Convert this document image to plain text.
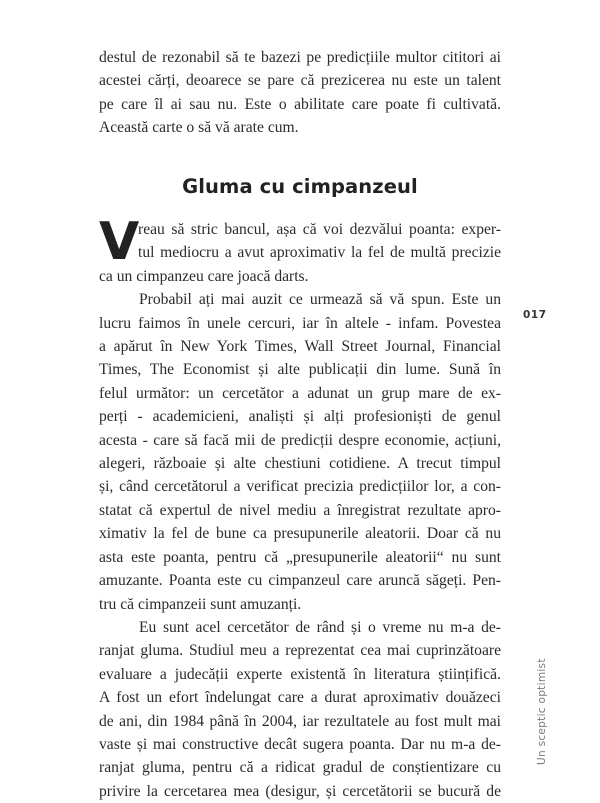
destul de rezonabil să te bazezi pe predicțiile multor cititori ai
acestei cărți, deoarece se pare că prezicerea nu este un talent
pe care îl ai sau nu. Este o abilitate care poate fi cultivată.
Această carte o să vă arate cum.
Gluma cu cimpanzeul
V
reau să stric bancul, așa că voi dezvălui poanta: exper-
tul mediocru a avut aproximativ la fel de multă precizie
ca un cimpanzeu care joacă darts.
Probabil ați mai auzit ce urmează să vă spun. Este un
lucru faimos în unele cercuri, iar în altele - infam. Povestea
a apărut în New York Times, Wall Street Journal, Financial
Times, The Economist și alte publicații din lume. Sună în
felul următor: un cercetător a adunat un grup mare de ex-
perți - academicieni, analiști și alți profesioniști de genul
acesta - care să facă mii de predicții despre economie, acțiuni,
alegeri, războaie și alte chestiuni cotidiene. A trecut timpul
și, când cercetătorul a verificat precizia predicțiilor lor, a con-
statat că expertul de nivel mediu a înregistrat rezultate apro-
ximativ la fel de bune ca presupunerile aleatorii. Doar că nu
asta este poanta, pentru că „presupunerile aleatorii“ nu sunt
amuzante. Poanta este cu cimpanzeul care aruncă săgeți. Pen-
tru că cimpanzeii sunt amuzanți.
Eu sunt acel cercetător de rând și o vreme nu m-a de-
ranjat gluma. Studiul meu a reprezentat cea mai cuprinzătoare
evaluare a judecății experte existentă în literatura științifică.
A fost un efort îndelungat care a durat aproximativ douăzeci
de ani, din 1984 până în 2004, iar rezultatele au fost mult mai
vaste și mai constructive decât sugera poanta. Dar nu m-a de-
ranjat gluma, pentru că a ridicat gradul de conștientizare cu
privire la cercetarea mea (desigur, și cercetătorii se bucură de
017
Un sceptic optimist
